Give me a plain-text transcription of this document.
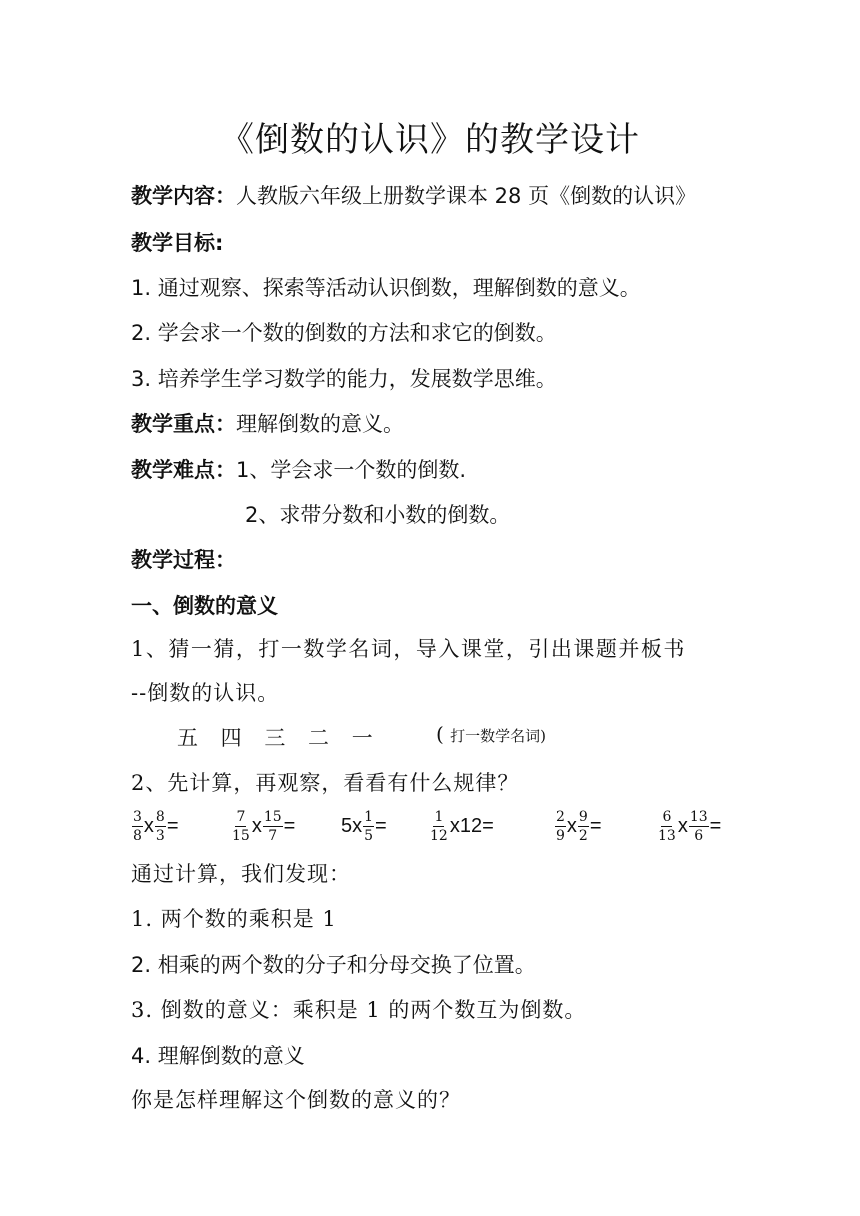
《倒数的认识》的教学设计
教学内容：人教版六年级上册数学课本 28 页《倒数的认识》
教学目标:
1. 通过观察、探索等活动认识倒数，理解倒数的意义。
2. 学会求一个数的倒数的方法和求它的倒数。
3. 培养学生学习数学的能力，发展数学思维。
教学重点：理解倒数的意义。
教学难点：1、学会求一个数的倒数.
2、求带分数和小数的倒数。
教学过程：
一、倒数的意义
1、猜一猜，打一数学名词，导入课堂，引出课题并板书
--倒数的认识。
五 四 三 二 一	( 打一数学名词)
2、先计算，再观察，看看有什么规律？
$\frac{3}{8}$ x $\frac{8}{3}$ =	$\frac{7}{15}$ x $\frac{15}{7} = 5x \frac{1}{5}$ =	$\frac{1}{12} x12=$	$\frac{2}{9}$ x $\frac{9}{2}$ =	$\frac{6}{13}$ x $\frac{13}{6}$ =
通过计算，我们发现：
1. 两个数的乘积是 1
2. 相乘的两个数的分子和分母交换了位置。
3. 倒数的意义：乘积是 1 的两个数互为倒数。
4. 理解倒数的意义
你是怎样理解这个倒数的意义的？
